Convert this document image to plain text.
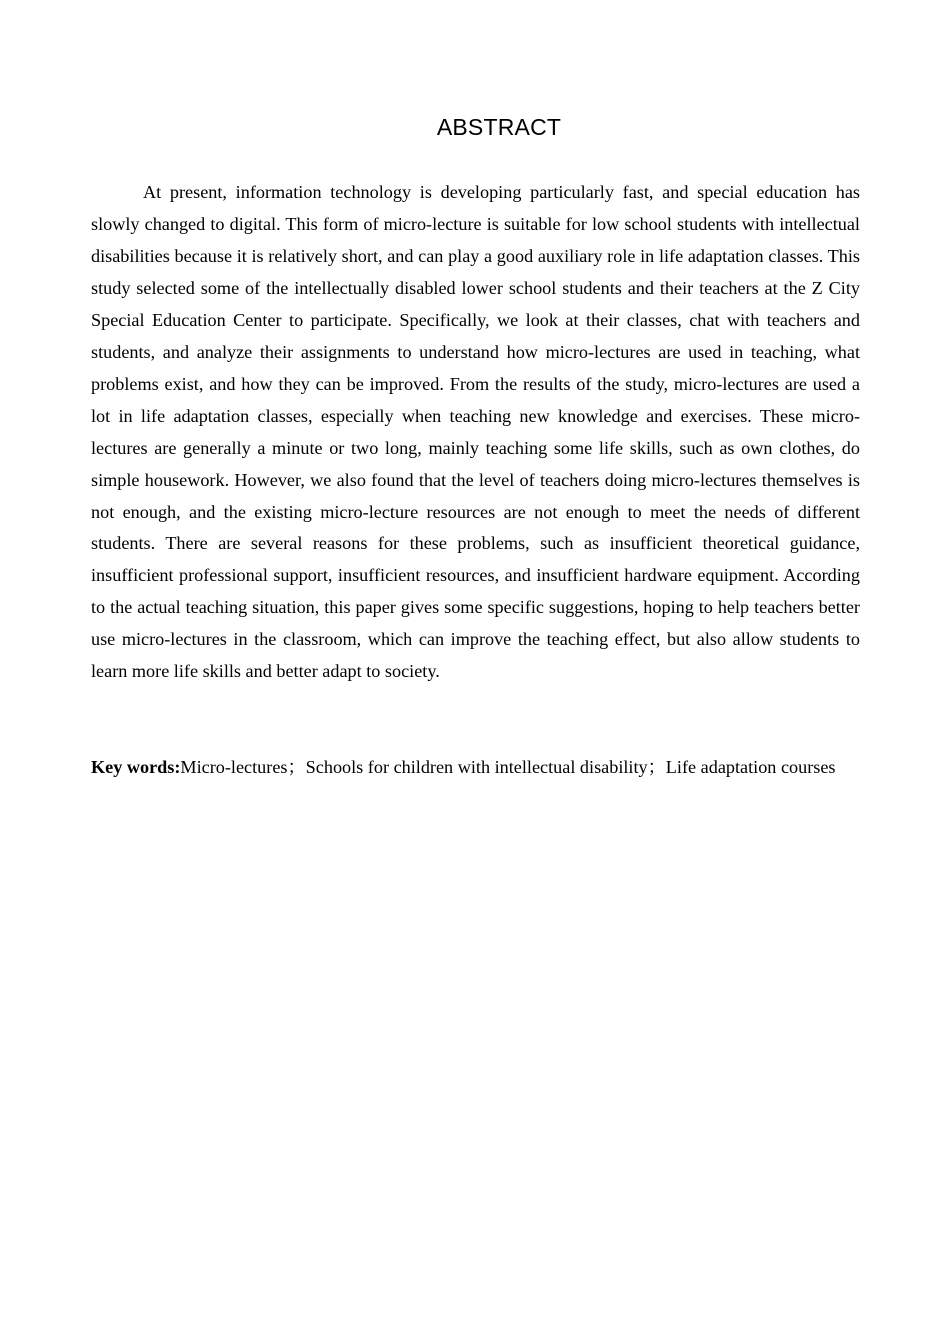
ABSTRACT

At present, information technology is developing particularly fast, and special education has slowly changed to digital. This form of micro-lecture is suitable for low school students with intellectual disabilities because it is relatively short, and can play a good auxiliary role in life adaptation classes. This study selected some of the intellectually disabled lower school students and their teachers at the Z City Special Education Center to participate. Specifically, we look at their classes, chat with teachers and students, and analyze their assignments to understand how micro-lectures are used in teaching, what problems exist, and how they can be improved. From the results of the study, micro-lectures are used a lot in life adaptation classes, especially when teaching new knowledge and exercises. These micro-lectures are generally a minute or two long, mainly teaching some life skills, such as own clothes, do simple housework. However, we also found that the level of teachers doing micro-lectures themselves is not enough, and the existing micro-lecture resources are not enough to meet the needs of different students. There are several reasons for these problems, such as insufficient theoretical guidance, insufficient professional support, insufficient resources, and insufficient hardware equipment. According to the actual teaching situation, this paper gives some specific suggestions, hoping to help teachers better use micro-lectures in the classroom, which can improve the teaching effect, but also allow students to learn more life skills and better adapt to society.

Key words:Micro-lectures；Schools for children with intellectual disability；Life adaptation courses
